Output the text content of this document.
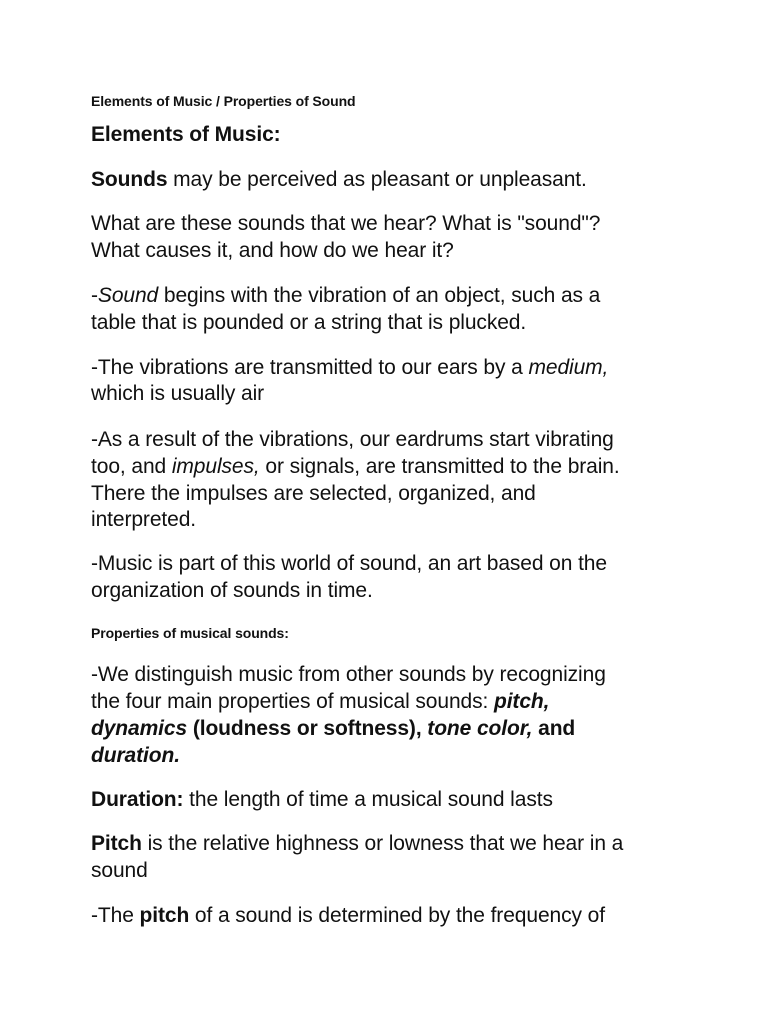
Elements of Music / Properties of Sound
Elements of Music:
Sounds may be perceived as pleasant or unpleasant.
What are these sounds that we hear? What is "sound"?
What causes it, and how do we hear it?
-Sound begins with the vibration of an object, such as a
table that is pounded or a string that is plucked.
-The vibrations are transmitted to our ears by a medium,
which is usually air
-As a result of the vibrations, our eardrums start vibrating
too, and impulses, or signals, are transmitted to the brain.
There the impulses are selected, organized, and
interpreted.
-Music is part of this world of sound, an art based on the
organization of sounds in time.
Properties of musical sounds:
-We distinguish music from other sounds by recognizing
the four main properties of musical sounds: pitch,
dynamics (loudness or softness), tone color, and
duration.
Duration: the length of time a musical sound lasts
Pitch is the relative highness or lowness that we hear in a
sound
-The pitch of a sound is determined by the frequency of
